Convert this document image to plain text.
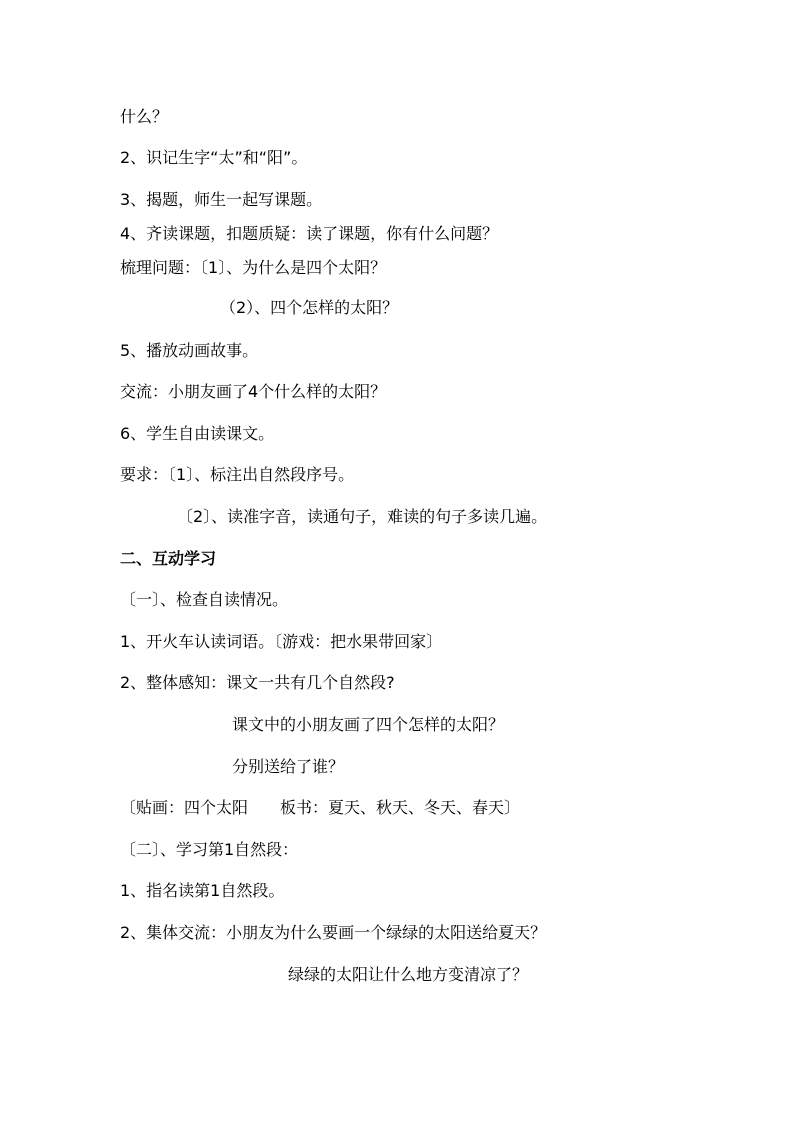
什么？
2、识记生字“太”和“阳”。
3、揭题，师生一起写课题。
4、齐读课题，扣题质疑：读了课题，你有什么问题？
梳理问题：〔1〕、为什么是四个太阳？
（2）、四个怎样的太阳？
5、播放动画故事。
交流：小朋友画了4个什么样的太阳？
6、学生自由读课文。
要求：〔1〕、标注出自然段序号。
〔2〕、读准字音，读通句子，难读的句子多读几遍。
二、互动学习
〔一〕、检查自读情况。
1、开火车认读词语。〔游戏：把水果带回家〕
2、整体感知：课文一共有几个自然段?
课文中的小朋友画了四个怎样的太阳？
分别送给了谁？
〔贴画：四个太阳　　板书：夏天、秋天、冬天、春天〕
〔二〕、学习第1自然段：
1、指名读第1自然段。
2、集体交流：小朋友为什么要画一个绿绿的太阳送给夏天？
绿绿的太阳让什么地方变清凉了？
